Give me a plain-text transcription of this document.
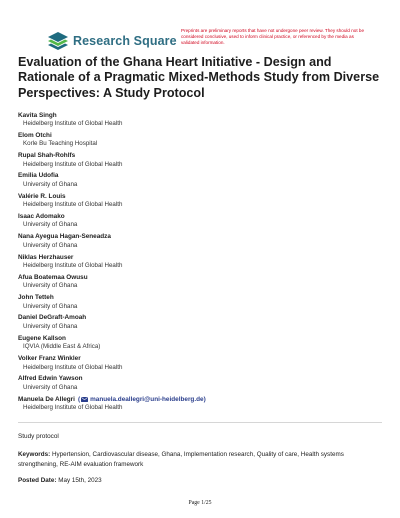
Research Square
Preprints are preliminary reports that have not undergone peer review. They should not be considered conclusive, used to inform clinical practice, or referenced by the media as validated information.
Evaluation of the Ghana Heart Initiative - Design and Rationale of a Pragmatic Mixed-Methods Study from Diverse Perspectives: A Study Protocol
Kavita Singh
Heidelberg Institute of Global Health
Elom Otchi
Korle Bu Teaching Hospital
Rupal Shah-Rohlfs
Heidelberg Institute of Global Health
Emilia Udofia
University of Ghana
Valérie R. Louis
Heidelberg Institute of Global Health
Isaac Adomako
University of Ghana
Nana Ayegua Hagan-Seneadza
University of Ghana
Niklas Herzhauser
Heidelberg Institute of Global Health
Afua Boatemaa Owusu
University of Ghana
John Tetteh
University of Ghana
Daniel DeGraft-Amoah
University of Ghana
Eugene Kallson
IQVIA (Middle East & Africa)
Volker Franz Winkler
Heidelberg Institute of Global Health
Alfred Edwin Yawson
University of Ghana
Manuela De Allegri ( manuela.deallegri@uni-heidelberg.de )
Heidelberg Institute of Global Health
Study protocol
Keywords: Hypertension, Cardiovascular disease, Ghana, Implementation research, Quality of care, Health systems strengthening, RE-AIM evaluation framework
Posted Date: May 15th, 2023
Page 1/25
